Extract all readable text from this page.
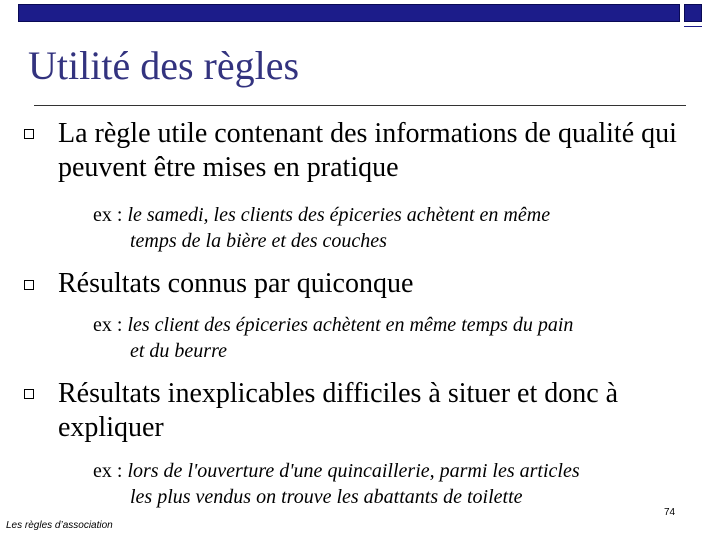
Utilité des règles
La règle utile contenant des informations de qualité qui peuvent être mises en pratique
ex : le samedi, les clients des épiceries achètent en même
temps de la bière et des couches
Résultats connus par quiconque
ex : les client des épiceries achètent en même temps du pain
et du beurre
Résultats inexplicables difficiles à situer et donc à expliquer
ex : lors de l'ouverture d'une quincaillerie, parmi les articles
les plus vendus on trouve les abattants de toilette
Les règles d’association
74
